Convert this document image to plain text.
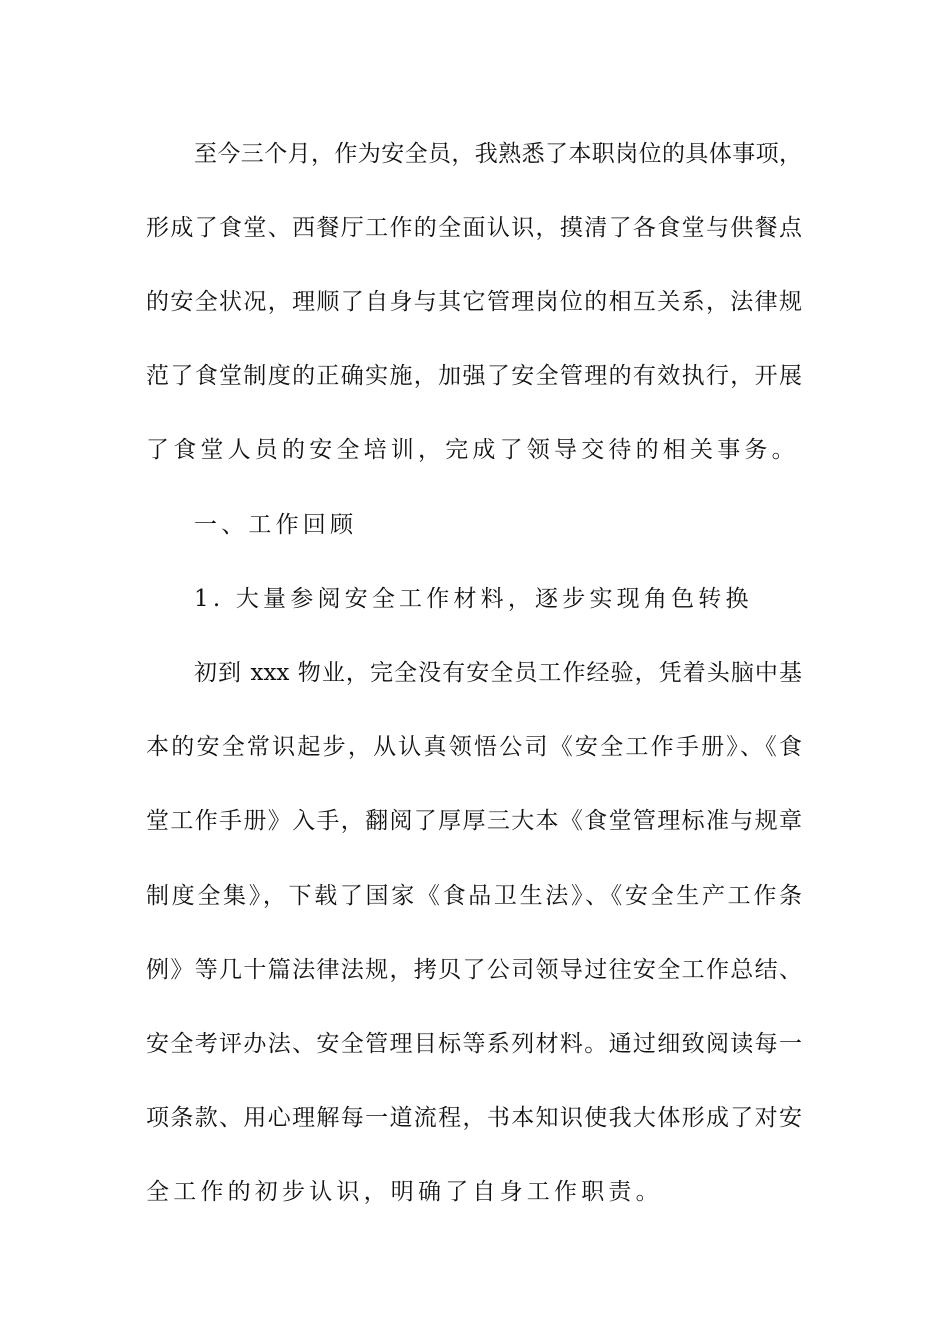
至今三个月，作为安全员，我熟悉了本职岗位的具体事项，
形成了食堂、西餐厅工作的全面认识，摸清了各食堂与供餐点
的安全状况，理顺了自身与其它管理岗位的相互关系，法律规
范了食堂制度的正确实施，加强了安全管理的有效执行，开展
了食堂人员的安全培训，完成了领导交待的相关事务。
一、工作回顾
1. 大量参阅安全工作材料，逐步实现角色转换
初到 xxx 物业，完全没有安全员工作经验，凭着头脑中基
本的安全常识起步，从认真领悟公司《安全工作手册》、《食
堂工作手册》入手，翻阅了厚厚三大本《食堂管理标准与规章
制度全集》，下载了国家《食品卫生法》、《安全生产工作条
例》等几十篇法律法规，拷贝了公司领导过往安全工作总结、
安全考评办法、安全管理目标等系列材料。通过细致阅读每一
项条款、用心理解每一道流程，书本知识使我大体形成了对安
全工作的初步认识，明确了自身工作职责。
